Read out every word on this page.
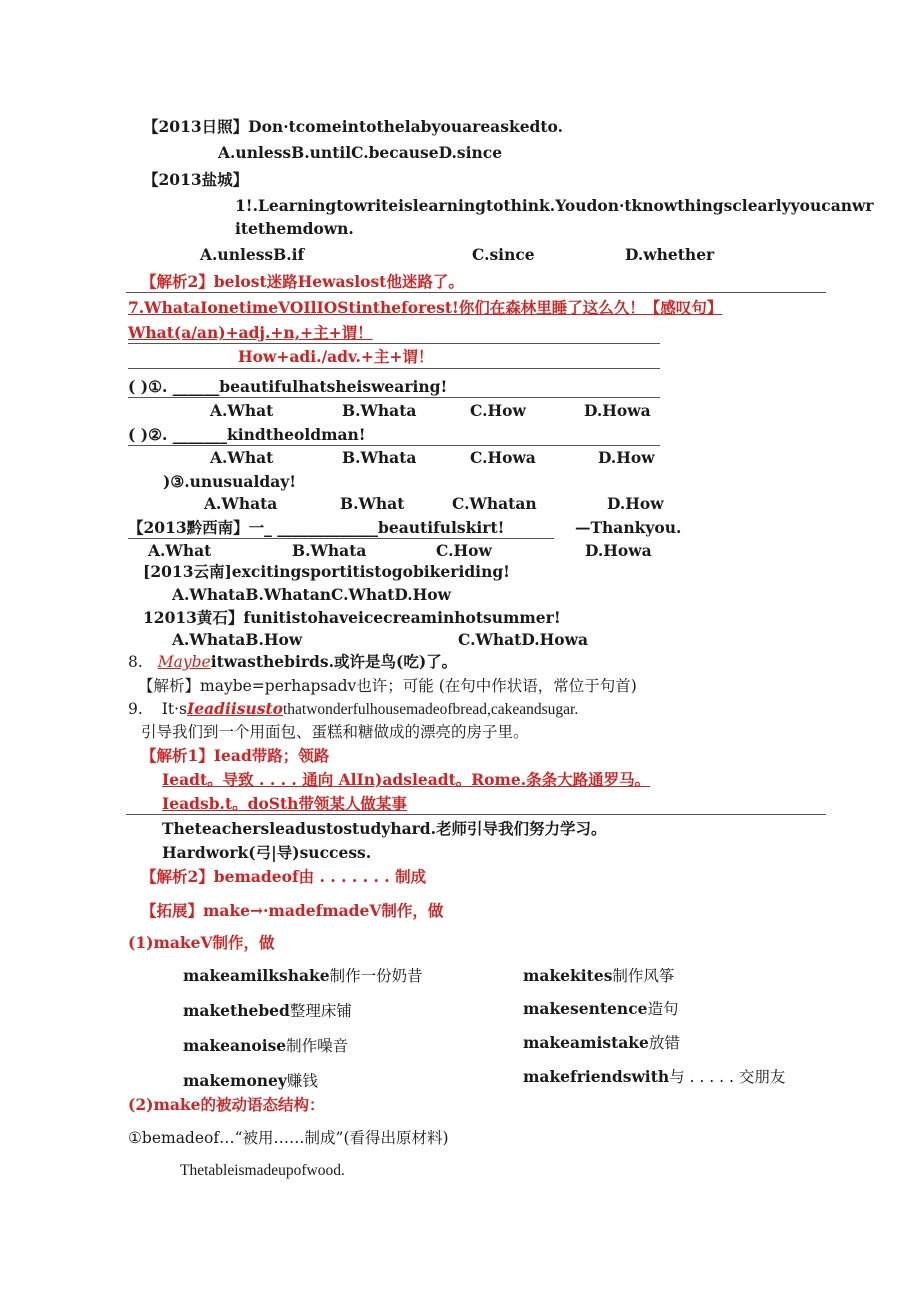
【2013日照】Don·tcomeintothelabyouareaskedto.
A.unlessB.untilC.becauseD.since
【2013盐城】
1!.Learningtowriteislearningtothink.Youdon·tknowthingsclearlyyoucanwr
itethemdown.
A.unlessB.if	C.since	D.whether
【解析2】belost迷路Hewaslost他迷路了。
7.WhataIonetimeVOIlIOStintheforest!你们在森林里睡了这么久！【感叹句】
What(a/an)+adj.+n,+主+谓！
How+adi./adv.+主+谓！
( )①. ______beautifulhatsheiswearing!
A.What	B.Whata	C.How	D.Howa
( )②. _______kindtheoldman!
A.What	B.Whata	C.Howa	D.How
)③.unusualday!
A.Whata	B.What	C.Whatan	D.How
【2013黔西南】一_ _____________beautifulskirt!	—Thankyou.
A.What	B.Whata	C.How	D.Howa
[2013云南]excitingsportitistogobikeriding!
A.WhataB.WhatanC.WhatD.How
12013黄石】funitistohaveicecreaminhotsummer!
A.WhataB.How	C.WhatD.Howa
8. Maybeitwasthebirds.或许是鸟(吃)了。
【解析】maybe=perhapsadv也许；可能 (在句中作状语，常位于句首)
9. It·sIeadiisustothatwonderfulhousemadeofbread,cakeandsugar.
引导我们到一个用面包、蛋糕和糖做成的漂亮的房子里。
【解析1】Iead带路；领路
Ieadt。导致 . . . . 通向 AlIn)adsleadt。Rome.条条大路通罗马。
Ieadsb.t。doSth带领某人做某事
Theteachersleadustostudyhard.老师引导我们努力学习。
Hardwork(弓|导)success.
【解析2】bemadeof由 . . . . . . . 制成
【拓展】make→·madefmadeV制作，做
(1)makeV制作，做
makeamilkshake制作一份奶昔	makekites制作风筝
makethebed整理床铺	makesentence造句
makeanoise制作噪音	makeamistake放错
makemoney赚钱	makefriendswith与 . . . . . 交朋友
(2)make的被动语态结构：
①bemadeof…“被用……制成”(看得出原材料)
Thetableismadeupofwood.
